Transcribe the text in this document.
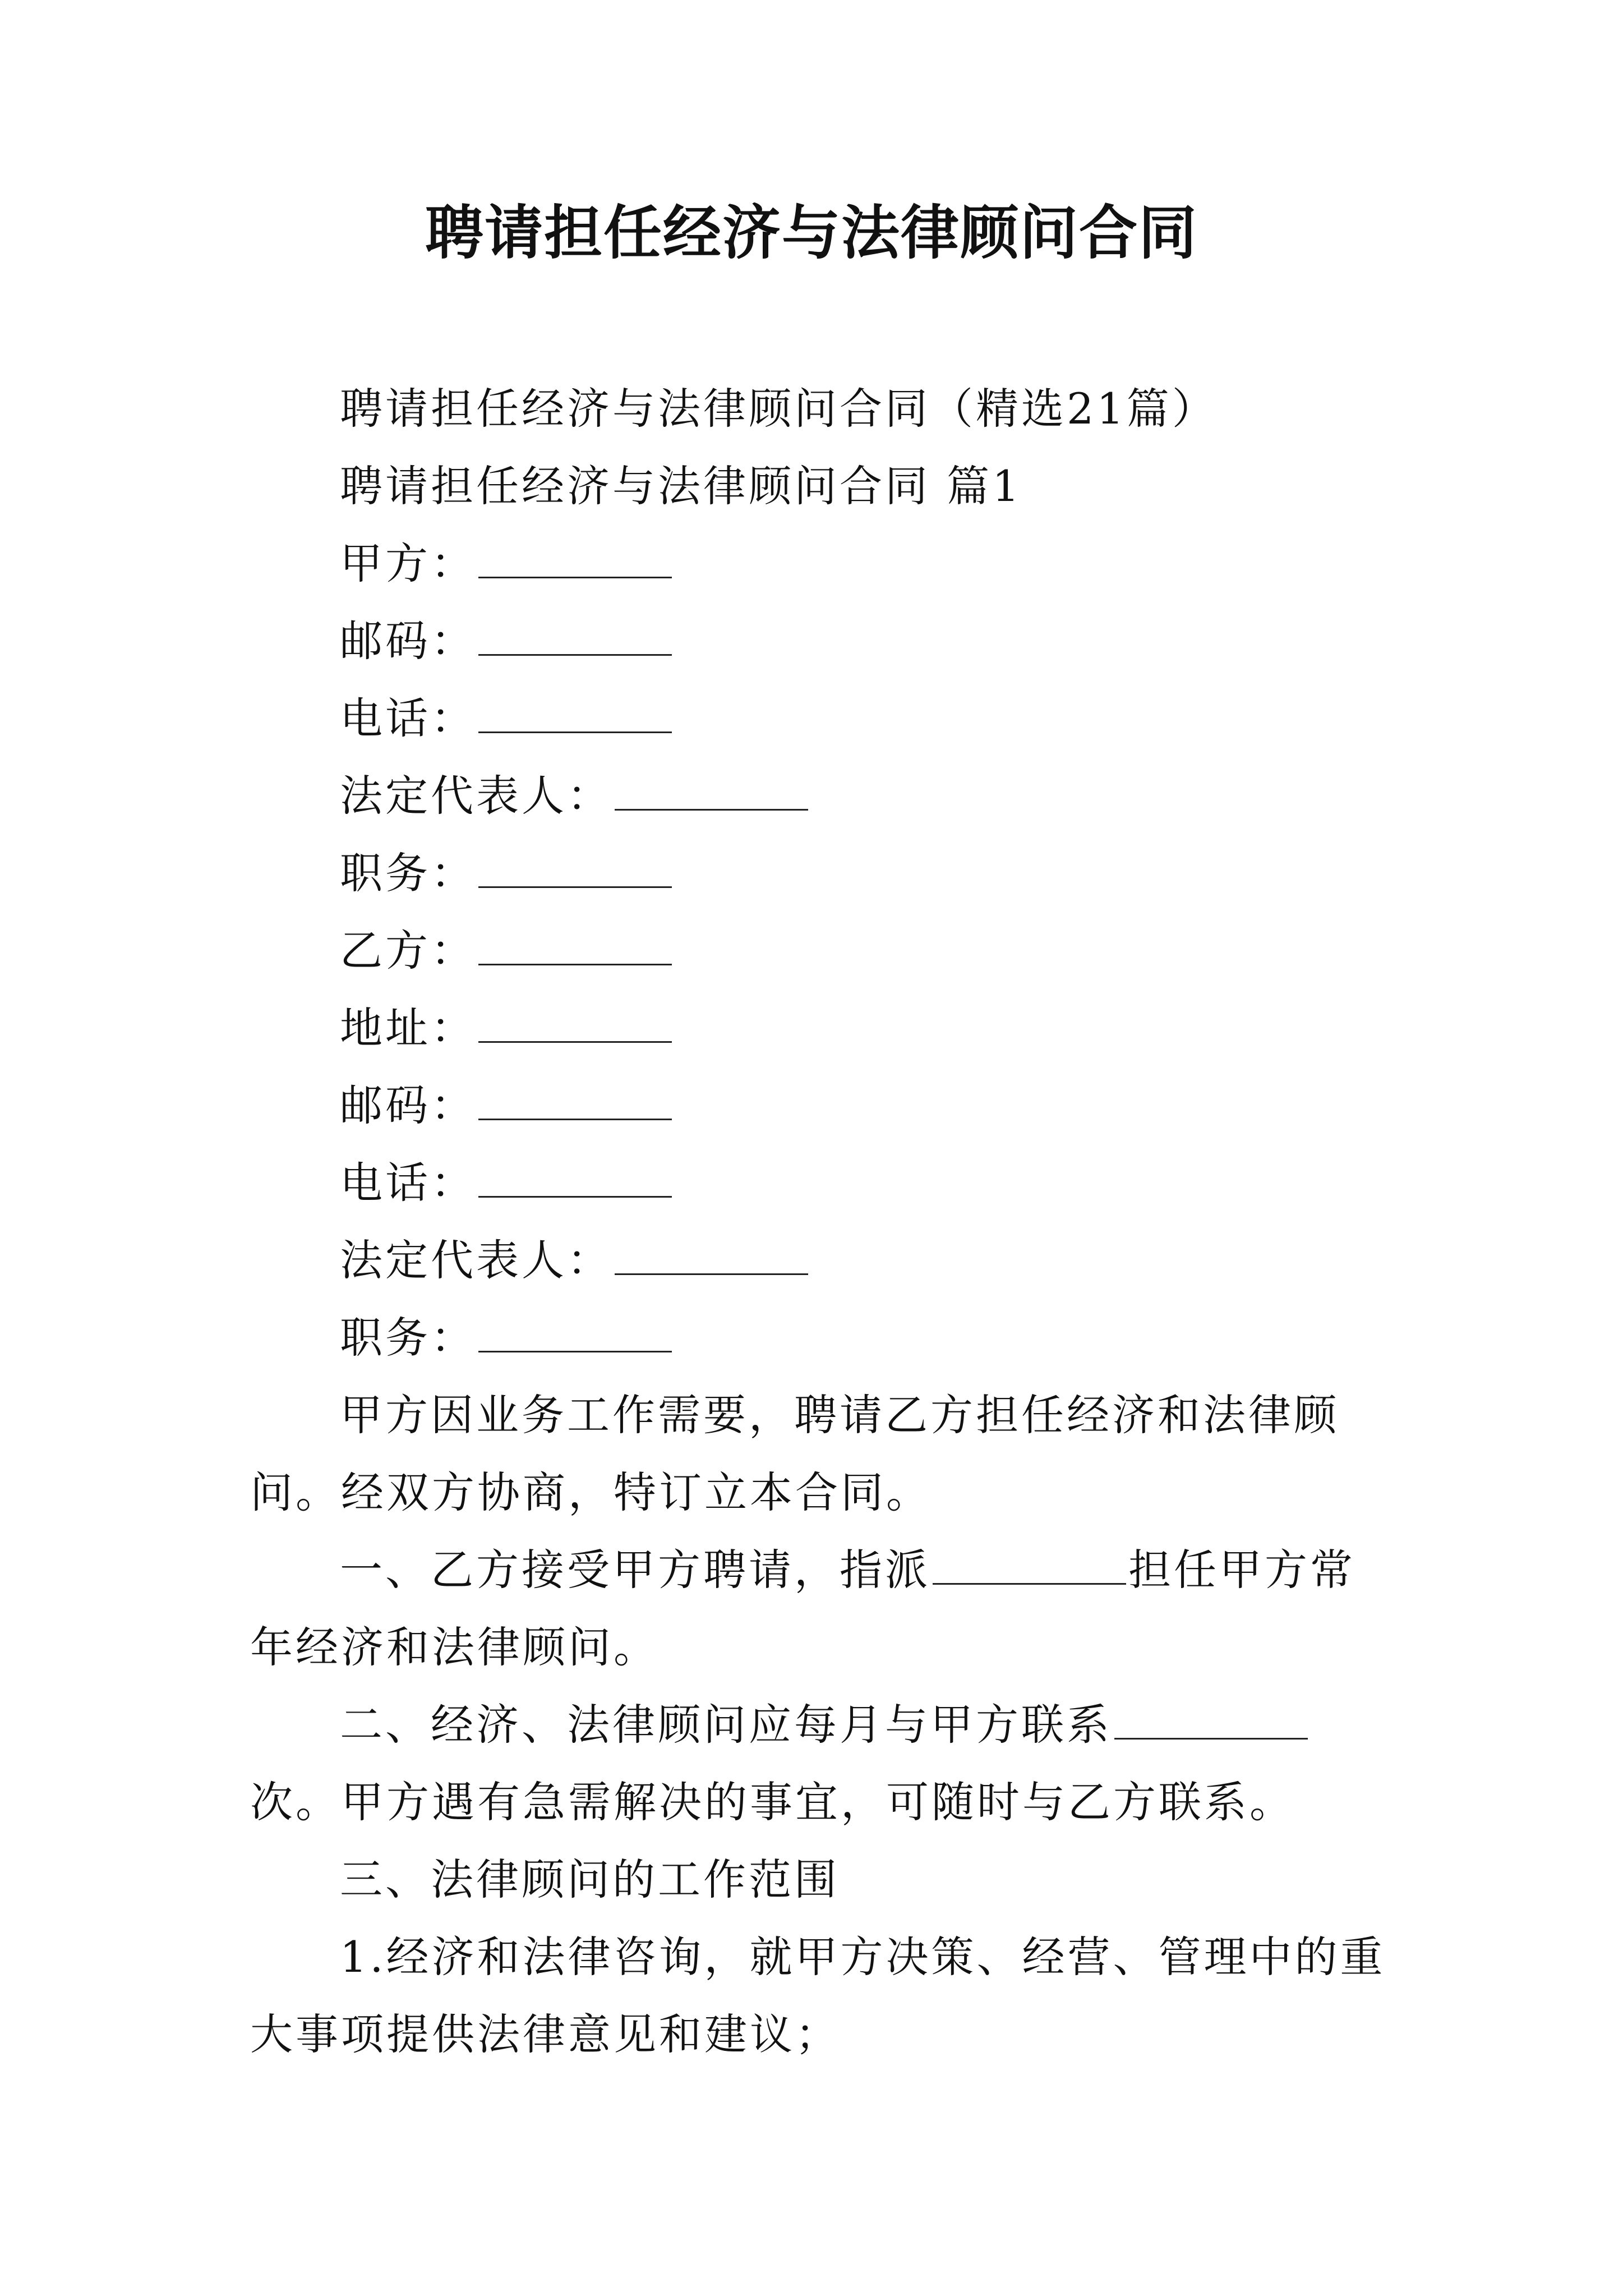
聘请担任经济与法律顾问合同
聘请担任经济与法律顾问合同（精选21篇）
聘请担任经济与法律顾问合同 篇1
甲方：
邮码：
电话：
法定代表人：
职务：
乙方：
地址：
邮码：
电话：
法定代表人：
职务：

甲方因业务工作需要，聘请乙方担任经济和法律顾问。经双方协商，特订立本合同。

一、乙方接受甲方聘请，指派	担任甲方常年经济和法律顾问。

二、经济、法律顾问应每月与甲方联系次。甲方遇有急需解决的事宜，可随时与乙方联系。

三、法律顾问的工作范围

1.经济和法律咨询，就甲方决策、经营、管理中的重大事项提供法律意见和建议；
